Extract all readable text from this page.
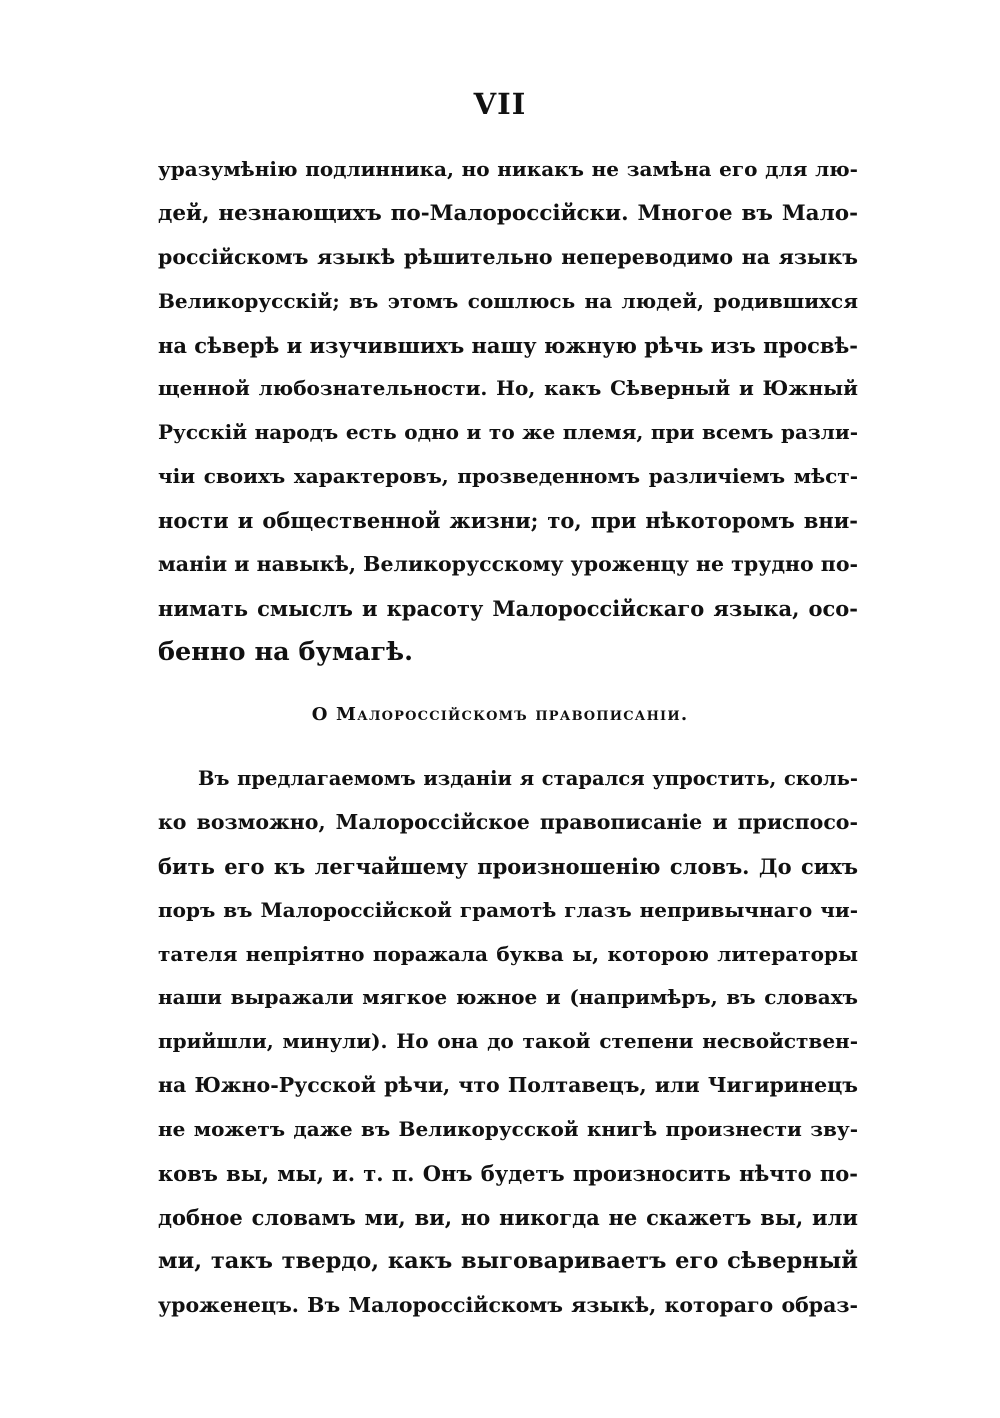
VII
уразумѣнію подлинника, но никакъ не замѣна его для лю-
дей, незнающихъ по-Малороссійски. Многое въ Мало-
россійскомъ языкѣ рѣшительно непереводимо на языкъ
Великорусскій; въ этомъ сошлюсь на людей, родившихся
на сѣверѣ и изучившихъ нашу южную рѣчь изъ просвѣ-
щенной любознательности. Но, какъ Сѣверный и Южный
Русскій народъ есть одно и то же племя, при всемъ разли-
чіи своихъ характеровъ, прозведенномъ различіемъ мѣст-
ности и общественной жизни; то, при нѣкоторомъ вни-
маніи и навыкѣ, Великорусскому уроженцу не трудно по-
нимать смыслъ и красоту Малороссійскаго языка, осо-
бенно на бумагѣ.
О Малороссійскомъ правописаніи.
Въ предлагаемомъ изданіи я старался упростить, сколь-
ко возможно, Малороссійское правописаніе и приспосо-
бить его къ легчайшему произношенію словъ. До сихъ
поръ въ Малороссійской грамотѣ глазъ непривычнаго чи-
тателя непріятно поражала буква ы, которою литераторы
наши выражали мягкое южное и (напримѣръ, въ словахъ
прийшли, минули). Но она до такой степени несвойствен-
на Южно-Русской рѣчи, что Полтавецъ, или Чигиринецъ
не можетъ даже въ Великорусской книгѣ произнести зву-
ковъ вы, мы, и. т. п. Онъ будетъ произносить нѣчто по-
добное словамъ ми, ви, но никогда не скажетъ вы, или
ми, такъ твердо, какъ выговариваетъ его сѣверный
уроженецъ. Въ Малороссійскомъ языкѣ, котораго образ-
